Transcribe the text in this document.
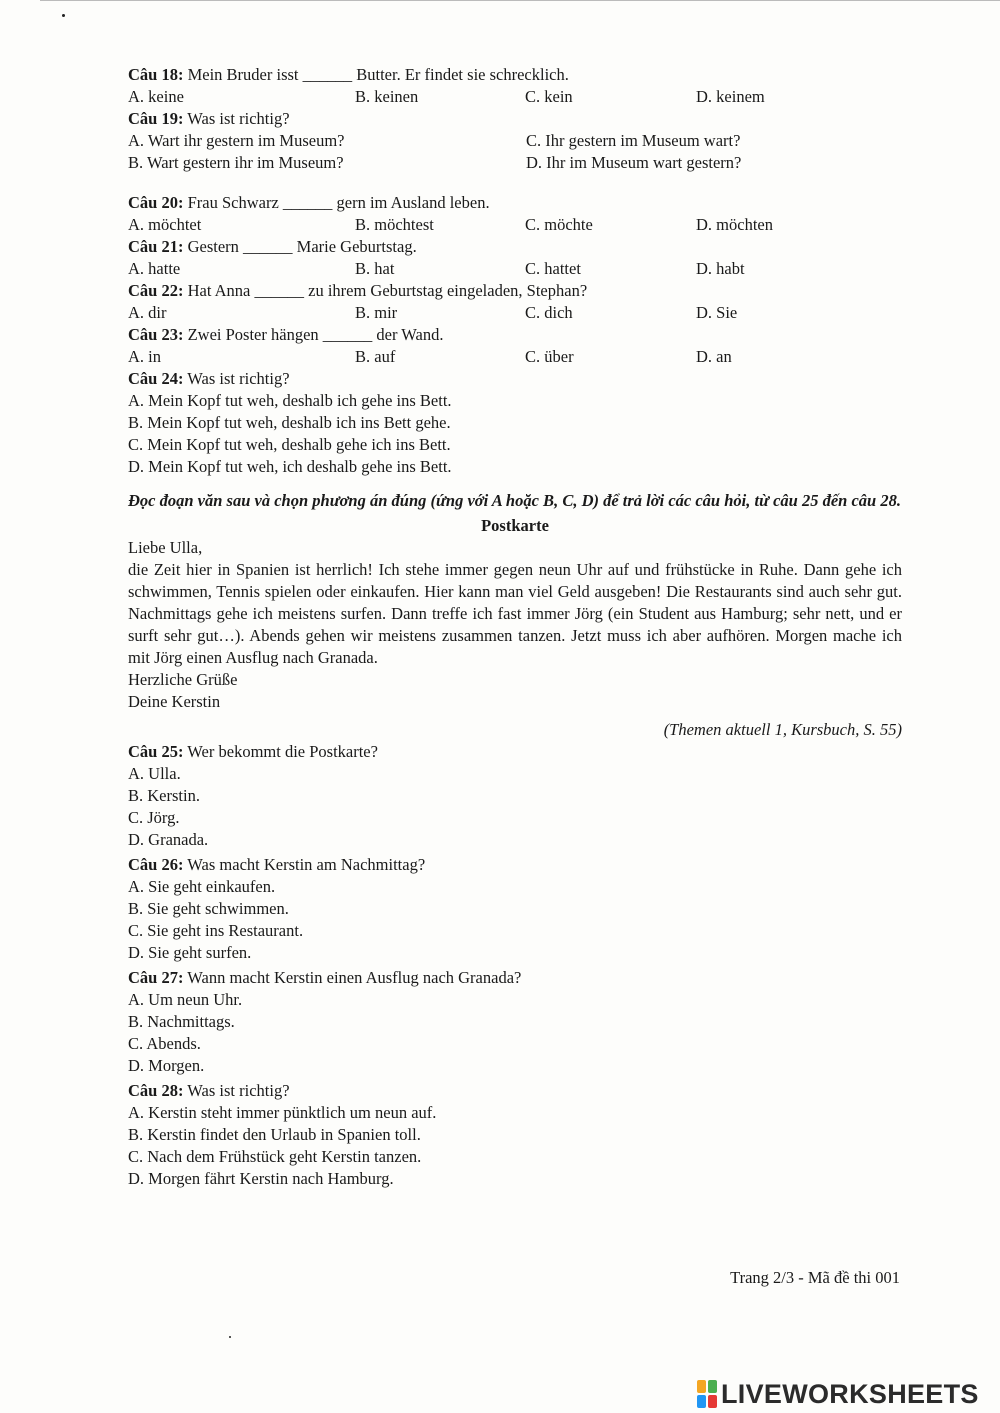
Câu 18: Mein Bruder isst ______ Butter. Er findet sie schrecklich.
A. keine	B. keinen	C. kein	D. keinem
Câu 19: Was ist richtig?
A. Wart ihr gestern im Museum?	C. Ihr gestern im Museum wart?
B. Wart gestern ihr im Museum?	D. Ihr im Museum wart gestern?
Câu 20: Frau Schwarz ______ gern im Ausland leben.
A. möchtet	B. möchtest	C. möchte	D. möchten
Câu 21: Gestern ______ Marie Geburtstag.
A. hatte	B. hat	C. hattet	D. habt
Câu 22: Hat Anna ______ zu ihrem Geburtstag eingeladen, Stephan?
A. dir	B. mir	C. dich	D. Sie
Câu 23: Zwei Poster hängen ______ der Wand.
A. in	B. auf	C. über	D. an
Câu 24: Was ist richtig?
A. Mein Kopf tut weh, deshalb ich gehe ins Bett.
B. Mein Kopf tut weh, deshalb ich ins Bett gehe.
C. Mein Kopf tut weh, deshalb gehe ich ins Bett.
D. Mein Kopf tut weh, ich deshalb gehe ins Bett.
Đọc đoạn văn sau và chọn phương án đúng (ứng với A hoặc B, C, D) để trả lời các câu hỏi, từ câu 25 đến câu 28.
Postkarte
Liebe Ulla,
die Zeit hier in Spanien ist herrlich! Ich stehe immer gegen neun Uhr auf und frühstücke in Ruhe. Dann gehe ich schwimmen, Tennis spielen oder einkaufen. Hier kann man viel Geld ausgeben! Die Restaurants sind auch sehr gut. Nachmittags gehe ich meistens surfen. Dann treffe ich fast immer Jörg (ein Student aus Hamburg; sehr nett, und er surft sehr gut…). Abends gehen wir meistens zusammen tanzen. Jetzt muss ich aber aufhören. Morgen mache ich mit Jörg einen Ausflug nach Granada.
Herzliche Grüße
Deine Kerstin
(Themen aktuell 1, Kursbuch, S. 55)
Câu 25: Wer bekommt die Postkarte?
A. Ulla.
B. Kerstin.
C. Jörg.
D. Granada.
Câu 26: Was macht Kerstin am Nachmittag?
A. Sie geht einkaufen.
B. Sie geht schwimmen.
C. Sie geht ins Restaurant.
D. Sie geht surfen.
Câu 27: Wann macht Kerstin einen Ausflug nach Granada?
A. Um neun Uhr.
B. Nachmittags.
C. Abends.
D. Morgen.
Câu 28: Was ist richtig?
A. Kerstin steht immer pünktlich um neun auf.
B. Kerstin findet den Urlaub in Spanien toll.
C. Nach dem Frühstück geht Kerstin tanzen.
D. Morgen fährt Kerstin nach Hamburg.
Trang 2/3 - Mã đề thi 001
LIVEWORKSHEETS
